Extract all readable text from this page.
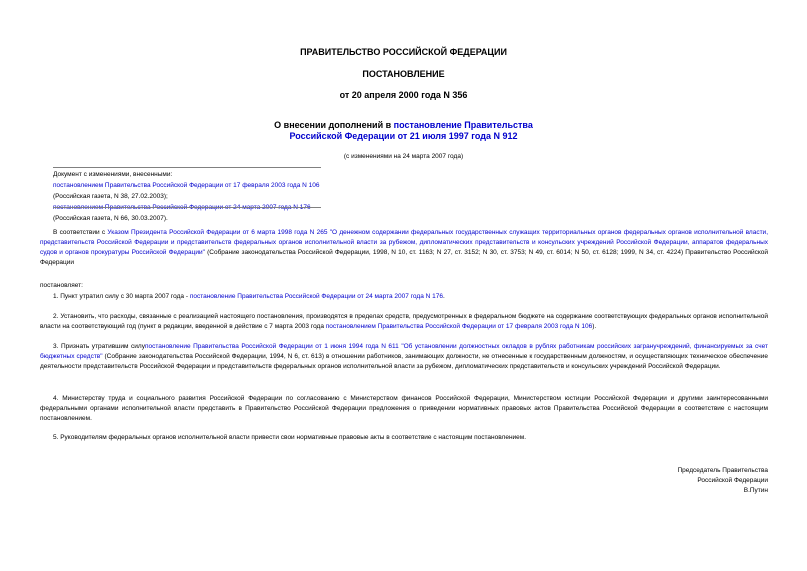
ПРАВИТЕЛЬСТВО РОССИЙСКОЙ ФЕДЕРАЦИИ
ПОСТАНОВЛЕНИЕ
от 20 апреля 2000 года N 356
О внесении дополнений в постановление Правительства
Российской Федерации от 21 июля 1997 года N 912
(с изменениями на 24 марта 2007 года)
Документ с изменениями, внесенными:
постановлением Правительства Российской Федерации от 17 февраля 2003 года N 106 (Российская газета, N 38, 27.02.2003);
постановлением Правительства Российской Федерации от 24 марта 2007 года N 176 (Российская газета, N 66, 30.03.2007).
В соответствии с Указом Президента Российской Федерации от 6 марта 1998 года N 265 "О денежном содержании федеральных государственных служащих территориальных органов федеральных органов исполнительной власти, представительств Российской Федерации и представительств федеральных органов исполнительной власти за рубежом, дипломатических представительств и консульских учреждений Российской Федерации, аппаратов федеральных судов и органов прокуратуры Российской Федерации" (Собрание законодательства Российской Федерации, 1998, N 10, ст. 1163; N 27, ст. 3152; N 30, ст. 3753; N 49, ст. 6014; N 50, ст. 6128; 1999, N 34, ст. 4224) Правительство Российской Федерации
постановляет:
1. Пункт утратил силу с 30 марта 2007 года - постановление Правительства Российской Федерации от 24 марта 2007 года N 176.
2. Установить, что расходы, связанные с реализацией настоящего постановления, производятся в пределах средств, предусмотренных в федеральном бюджете на содержание соответствующих федеральных органов исполнительной власти на соответствующий год (пункт в редакции, введенной в действие с 7 марта 2003 года постановлением Правительства Российской Федерации от 17 февраля 2003 года N 106).
3. Признать утратившим силупостановление Правительства Российской Федерации от 1 июня 1994 года N 611 "Об установлении должностных окладов в рублях работникам российских загранучреждений, финансируемых за счет бюджетных средств" (Собрание законодательства Российской Федерации, 1994, N 6, ст. 613) в отношении работников, занимающих должности, не отнесенные к государственным должностям, и осуществляющих техническое обеспечение деятельности представительств Российской Федерации и представительств федеральных органов исполнительной власти за рубежом, дипломатических представительств и консульских учреждений Российской Федерации.
4. Министерству труда и социального развития Российской Федерации по согласованию с Министерством финансов Российской Федерации, Министерством юстиции Российской Федерации и другими заинтересованными федеральными органами исполнительной власти представить в Правительство Российской Федерации предложения о приведении нормативных правовых актов Правительства Российской Федерации в соответствие с настоящим постановлением.
5. Руководителям федеральных органов исполнительной власти привести свои нормативные правовые акты в соответствие с настоящим постановлением.
Председатель Правительства
Российской Федерации
В.Путин
